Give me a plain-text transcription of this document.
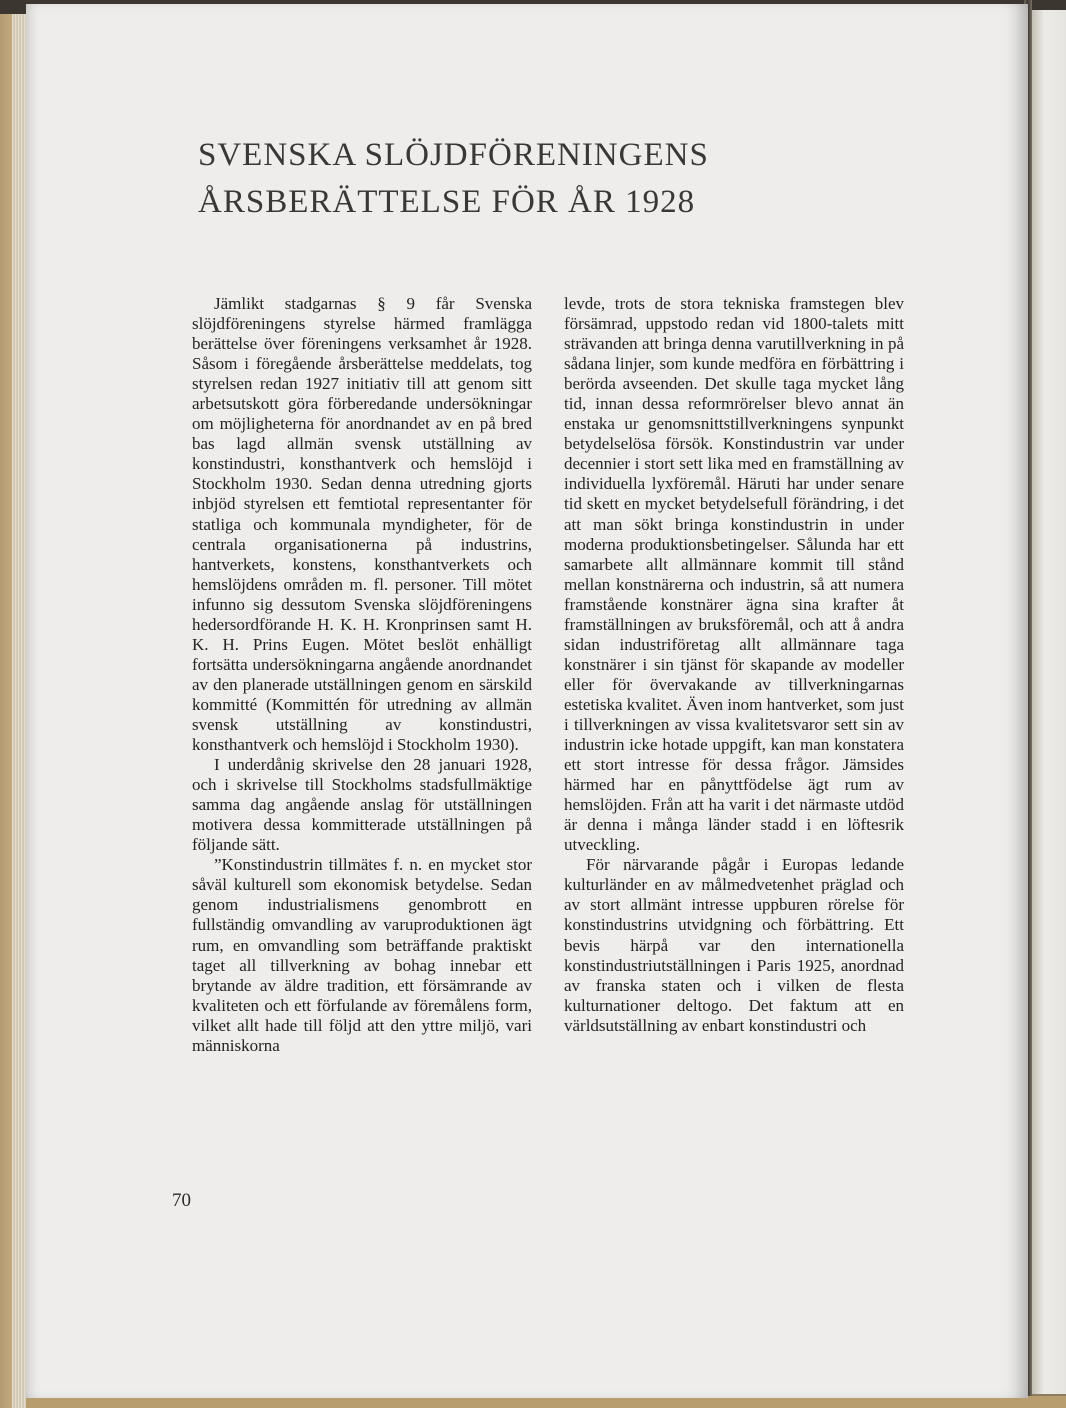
SVENSKA SLÖJDFÖRENINGENS
ÅRSBERÄTTELSE FÖR ÅR 1928

Jämlikt stadgarnas § 9 får Svenska slöjdföreningens styrelse härmed framlägga berättelse över föreningens verksamhet år 1928. Såsom i föregående årsberättelse meddelats, tog styrelsen redan 1927 initiativ till att genom sitt arbetsutskott göra förberedande undersökningar om möjligheterna för anordnandet av en på bred bas lagd allmän svensk utställning av konstindustri, konsthantverk och hemslöjd i Stockholm 1930. Sedan denna utredning gjorts inbjöd styrelsen ett femtiotal representanter för statliga och kommunala myndigheter, för de centrala organisationerna på industrins, hantverkets, konstens, konsthantverkets och hemslöjdens områden m. fl. personer. Till mötet infunno sig dessutom Svenska slöjdföreningens hedersordförande H. K. H. Kronprinsen samt H. K. H. Prins Eugen. Mötet beslöt enhälligt fortsätta undersökningarna angående anordnandet av den planerade utställningen genom en särskild kommitté (Kommittén för utredning av allmän svensk utställning av konstindustri, konsthantverk och hemslöjd i Stockholm 1930).

I underdånig skrivelse den 28 januari 1928, och i skrivelse till Stockholms stadsfullmäktige samma dag angående anslag för utställningen motivera dessa kommitterade utställningen på följande sätt.

”Konstindustrin tillmätes f. n. en mycket stor såväl kulturell som ekonomisk betydelse. Sedan genom industrialismens genombrott en fullständig omvandling av varuproduktionen ägt rum, en omvandling som beträffande praktiskt taget all tillverkning av bohag innebar ett brytande av äldre tradition, ett försämrande av kvaliteten och ett förfulande av föremålens form, vilket allt hade till följd att den yttre miljö, vari människorna

levde, trots de stora tekniska framstegen blev försämrad, uppstodo redan vid 1800-talets mitt strävanden att bringa denna varutillverkning in på sådana linjer, som kunde medföra en förbättring i berörda avseenden. Det skulle taga mycket lång tid, innan dessa reformrörelser blevo annat än enstaka ur genomsnittstillverkningens synpunkt betydelselösa försök. Konstindustrin var under decennier i stort sett lika med en framställning av individuella lyxföremål. Häruti har under senare tid skett en mycket betydelsefull förändring, i det att man sökt bringa konstindustrin in under moderna produktionsbetingelser. Sålunda har ett samarbete allt allmännare kommit till stånd mellan konstnärerna och industrin, så att numera framstående konstnärer ägna sina krafter åt framställningen av bruksföremål, och att å andra sidan industriföretag allt allmännare taga konstnärer i sin tjänst för skapande av modeller eller för övervakande av tillverkningarnas estetiska kvalitet. Även inom hantverket, som just i tillverkningen av vissa kvalitetsvaror sett sin av industrin icke hotade uppgift, kan man konstatera ett stort intresse för dessa frågor. Jämsides härmed har en pånyttfödelse ägt rum av hemslöjden. Från att ha varit i det närmaste utdöd är denna i många länder stadd i en löftesrik utveckling.

För närvarande pågår i Europas ledande kulturländer en av målmedvetenhet präglad och av stort allmänt intresse uppburen rörelse för konstindustrins utvidgning och förbättring. Ett bevis härpå var den internationella konstindustriutställningen i Paris 1925, anordnad av franska staten och i vilken de flesta kulturnationer deltogo. Det faktum att en världsutställning av enbart konstindustri och

70
